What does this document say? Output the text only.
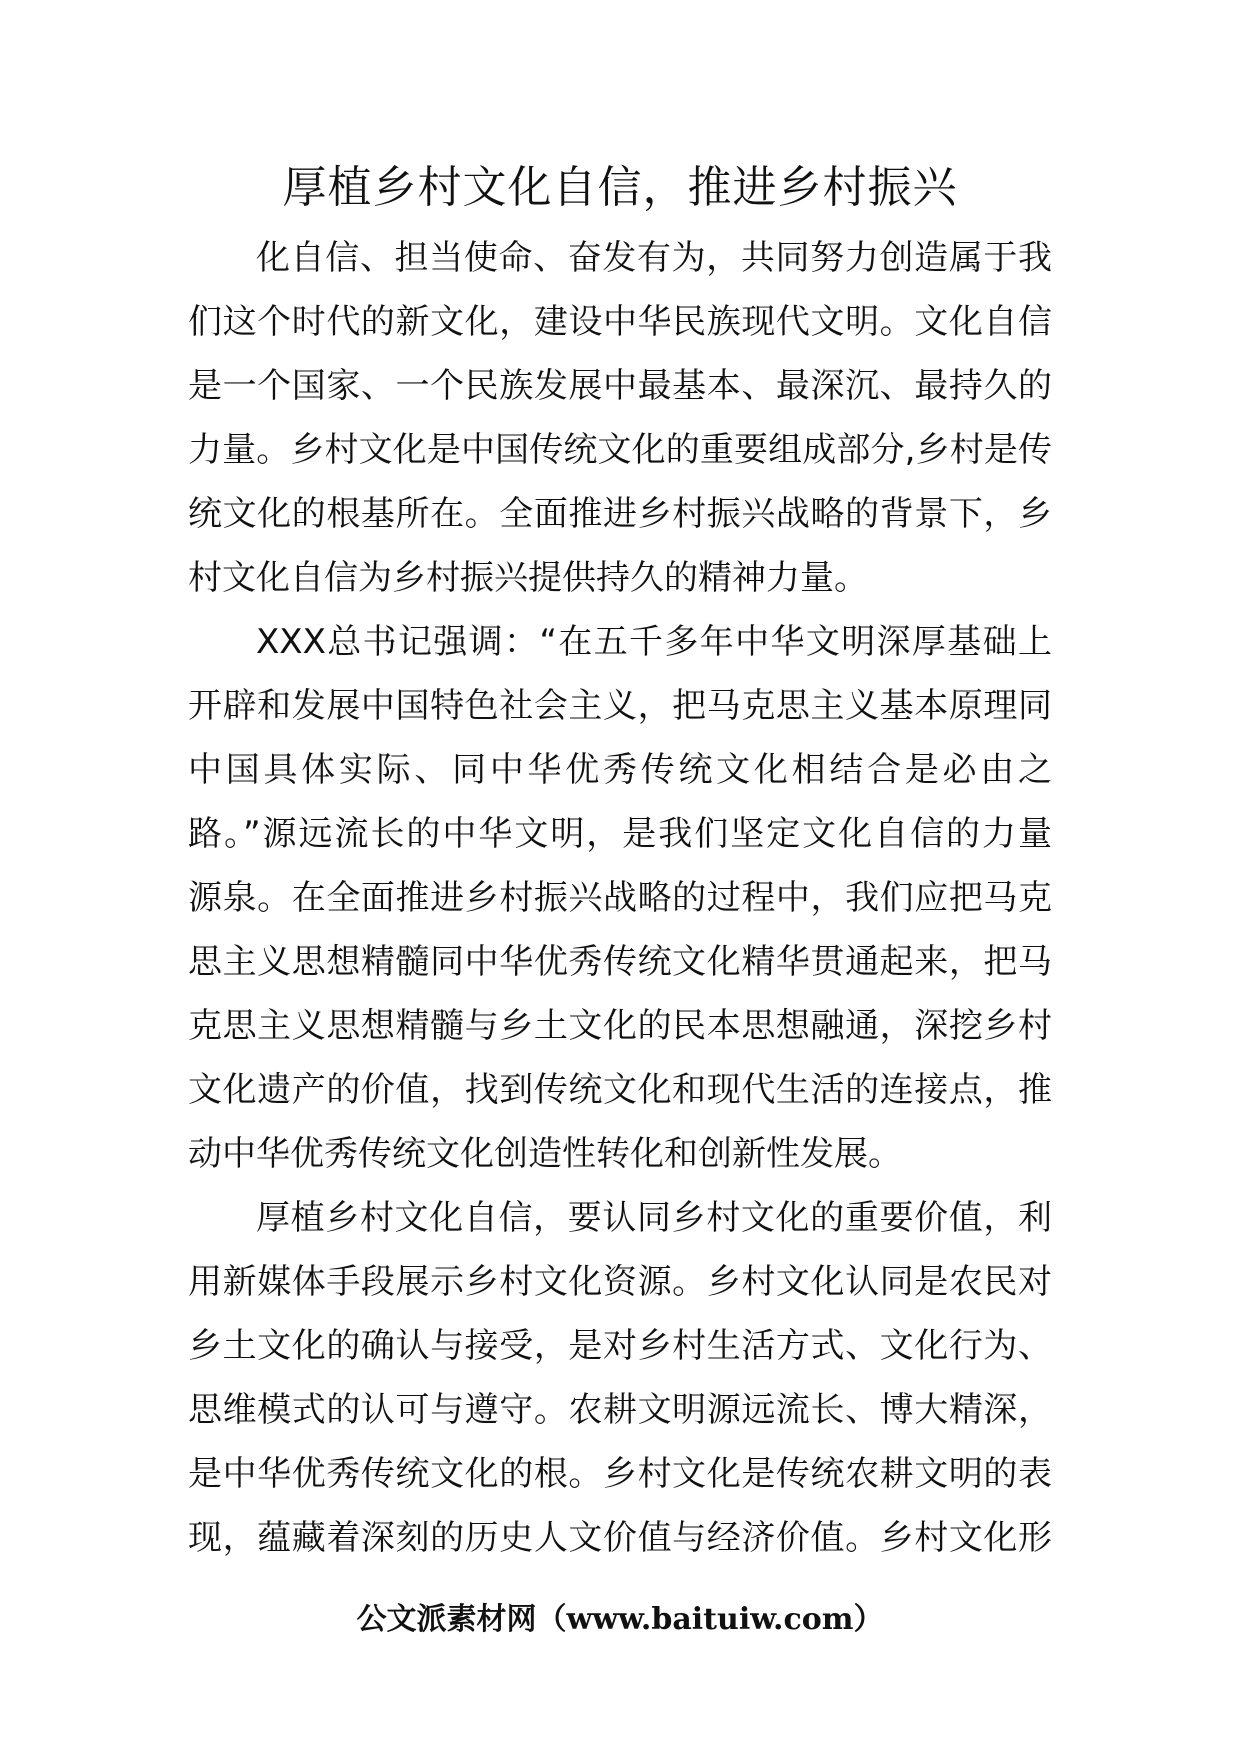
厚植乡村文化自信，推进乡村振兴
化自信、担当使命、奋发有为，共同努力创造属于我
们这个时代的新文化，建设中华民族现代文明。文化自信
是一个国家、一个民族发展中最基本、最深沉、最持久的
力量。乡村文化是中国传统文化的重要组成部分,乡村是传
统文化的根基所在。全面推进乡村振兴战略的背景下，乡
村文化自信为乡村振兴提供持久的精神力量。
XXX总书记强调：“在五千多年中华文明深厚基础上
开辟和发展中国特色社会主义，把马克思主义基本原理同
中国具体实际、同中华优秀传统文化相结合是必由之
路。”源远流长的中华文明，是我们坚定文化自信的力量
源泉。在全面推进乡村振兴战略的过程中，我们应把马克
思主义思想精髓同中华优秀传统文化精华贯通起来，把马
克思主义思想精髓与乡土文化的民本思想融通，深挖乡村
文化遗产的价值，找到传统文化和现代生活的连接点，推
动中华优秀传统文化创造性转化和创新性发展。
厚植乡村文化自信，要认同乡村文化的重要价值，利
用新媒体手段展示乡村文化资源。乡村文化认同是农民对
乡土文化的确认与接受，是对乡村生活方式、文化行为、
思维模式的认可与遵守。农耕文明源远流长、博大精深，
是中华优秀传统文化的根。乡村文化是传统农耕文明的表
现，蕴藏着深刻的历史人文价值与经济价值。乡村文化形
公文派素材网（www.baituiw.com）
